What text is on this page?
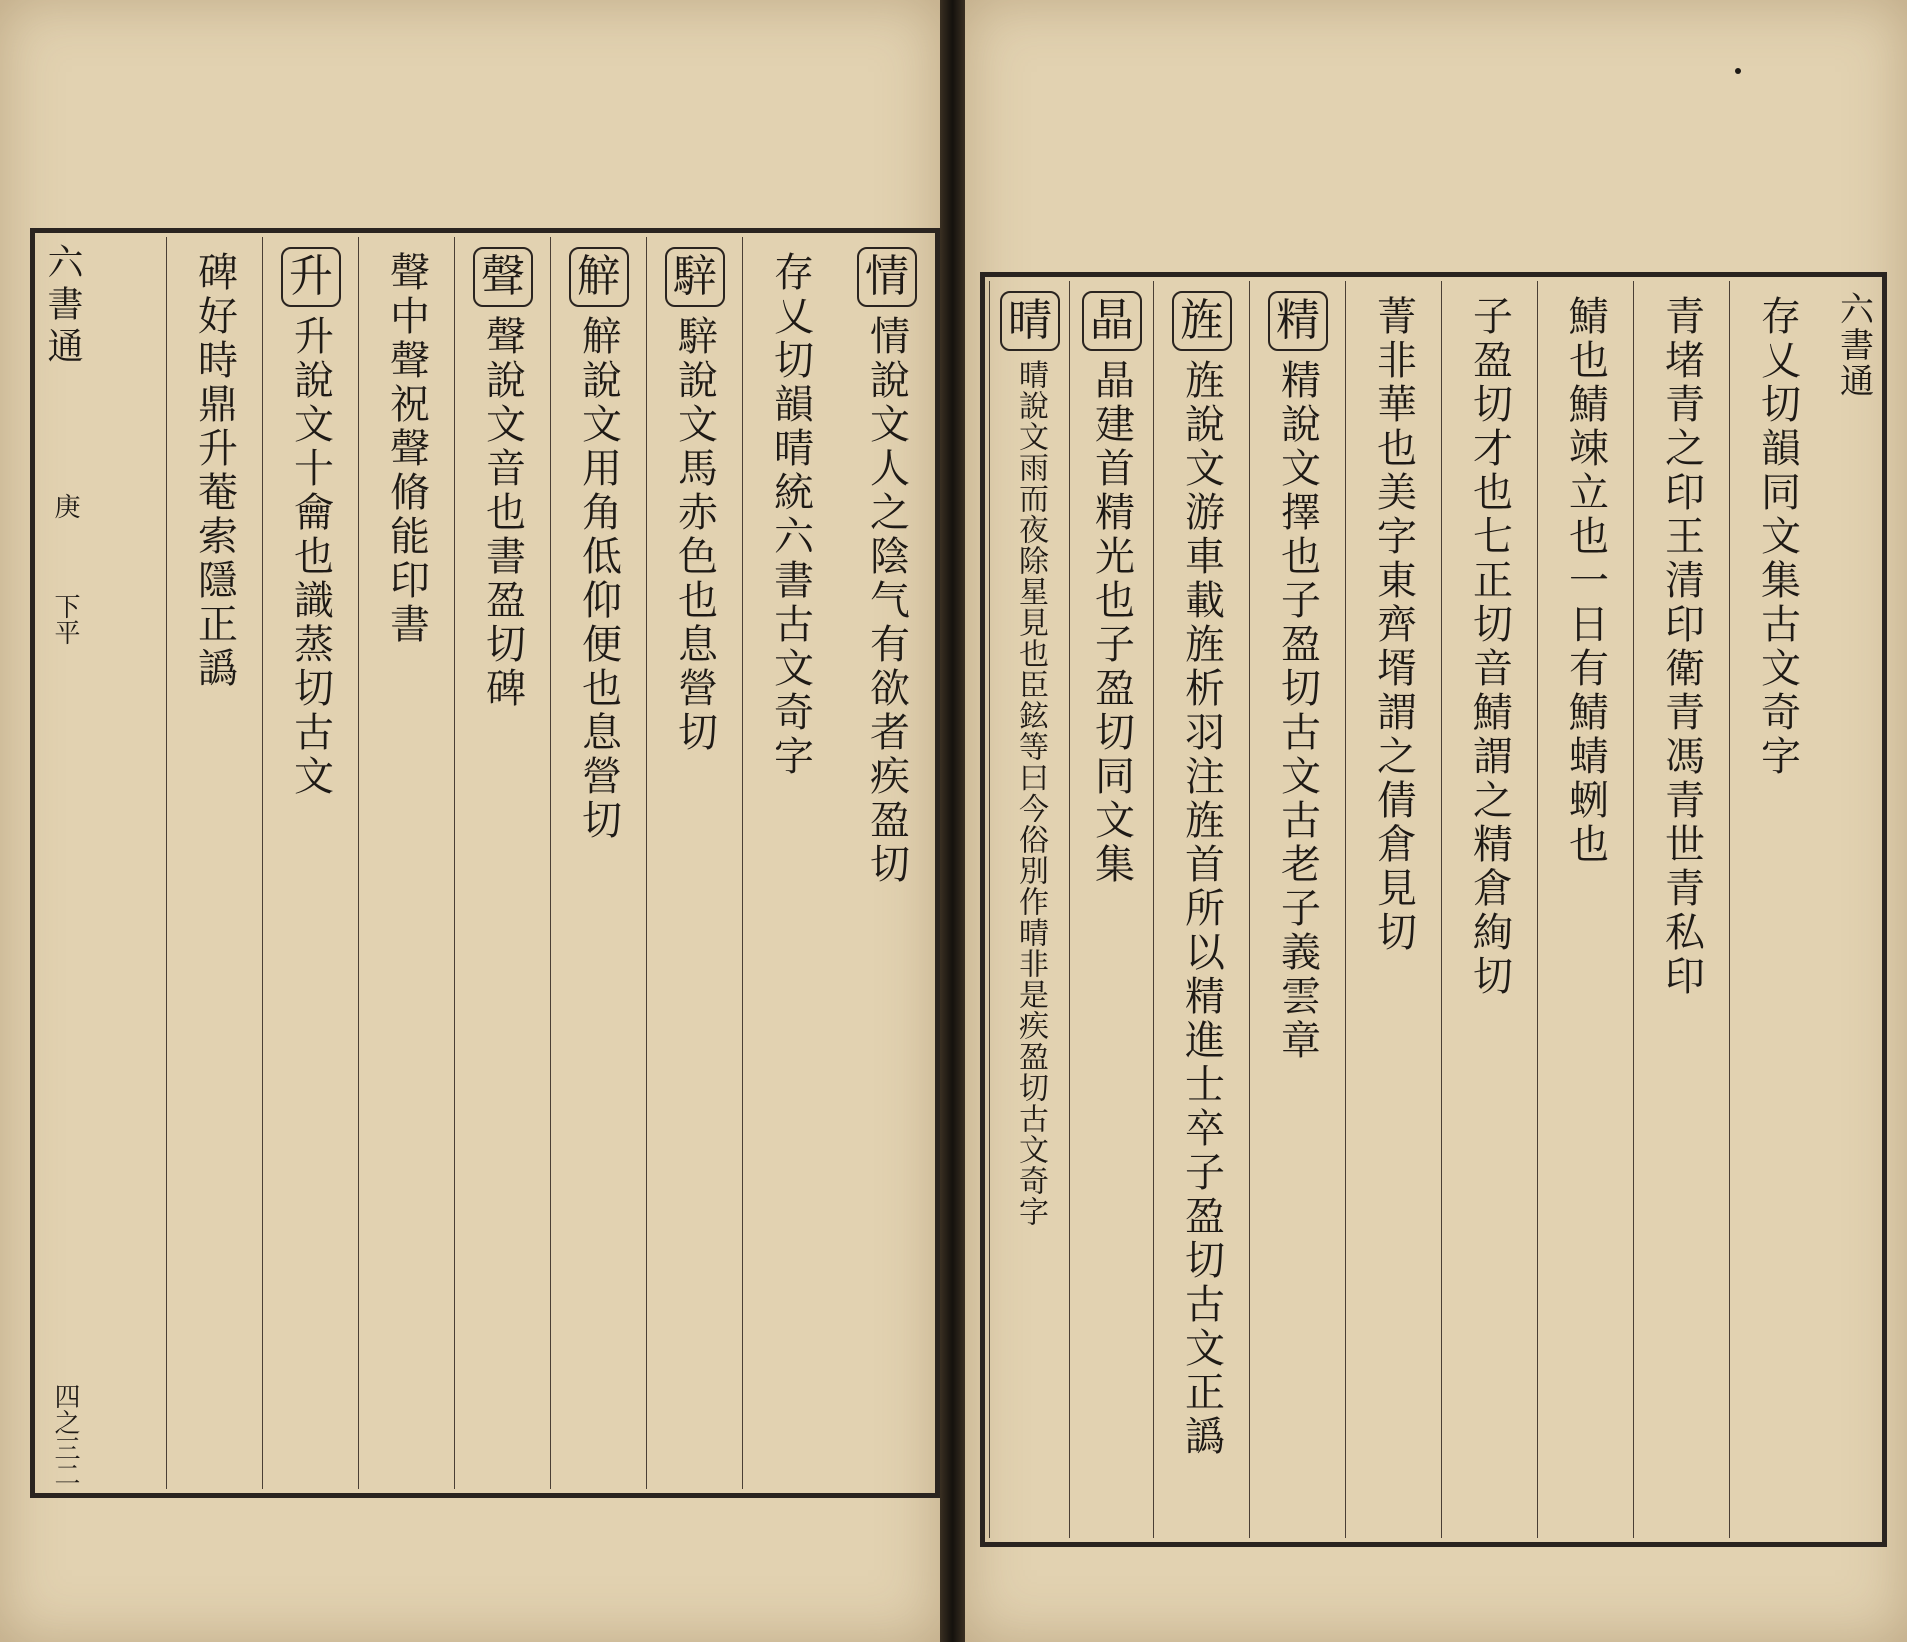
情
情說文人之陰气有欲者疾盈切
存乂切韻晴統六書古文奇字
騂
騂說文馬赤色也息營切
觪
觪說文用角低仰便也息營切
聲
聲說文音也書盈切碑
聲中聲祝聲脩能印書
升
升說文十龠也識蒸切古文
碑好時鼎升菴索隱正譌
六書通
庚
下平
四之三二
六書通
存乂切韻同文集古文奇字
青堵青之印王清印衛青馮青世青私印
鯖也鯖竦立也一日有鯖蜻蛚也
子盈切才也七正切音鯖謂之精倉絢切
菁非華也美字東齊壻謂之倩倉見切
精
精說文擇也子盈切古文古老子義雲章
旌
旌說文游車載旌析羽注旌首所以精進士卒子盈切古文正譌
晶
晶建首精光也子盈切同文集
晴
晴說文雨而夜除星見也臣鉉等曰今俗別作晴非是疾盈切古文奇字
